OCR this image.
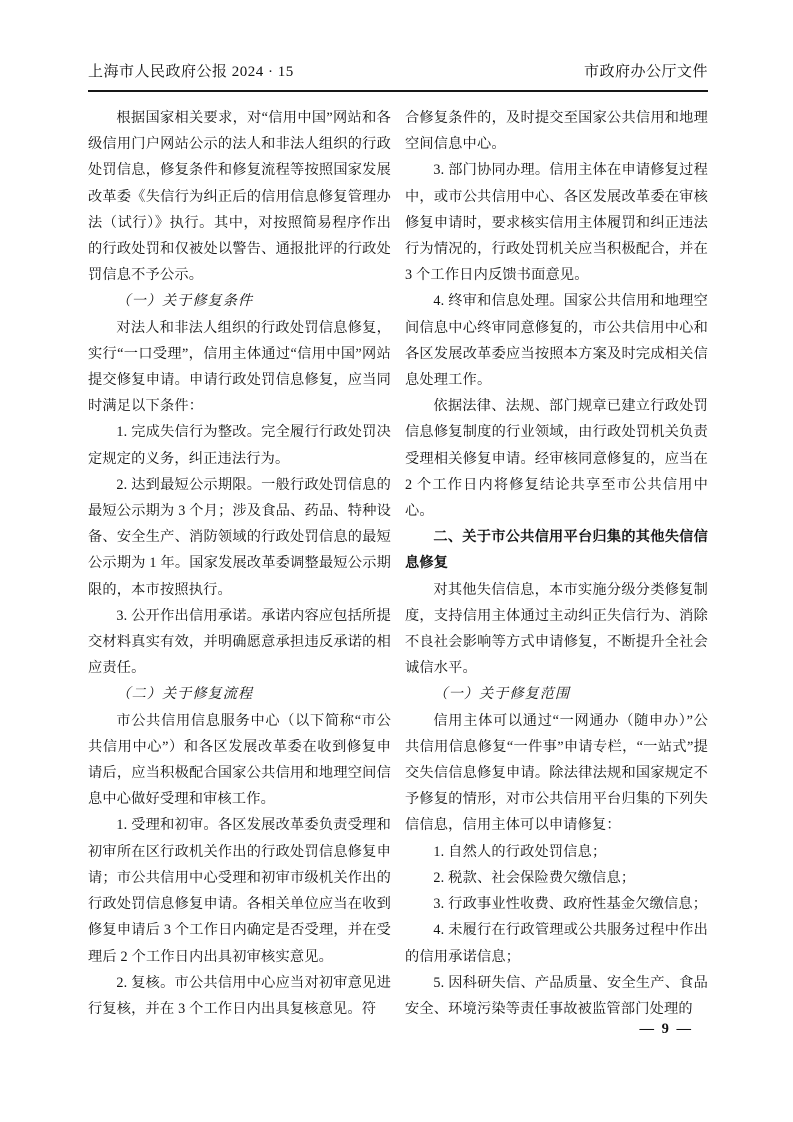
上海市人民政府公报 2024 · 15	市政府办公厅文件

根据国家相关要求，对“信用中国”网站和各级信用门户网站公示的法人和非法人组织的行政处罚信息，修复条件和修复流程等按照国家发展改革委《失信行为纠正后的信用信息修复管理办法（试行）》执行。其中，对按照简易程序作出的行政处罚和仅被处以警告、通报批评的行政处罚信息不予公示。

（一）关于修复条件

对法人和非法人组织的行政处罚信息修复，实行“一口受理”，信用主体通过“信用中国”网站提交修复申请。申请行政处罚信息修复，应当同时满足以下条件：

1. 完成失信行为整改。完全履行行政处罚决定规定的义务，纠正违法行为。

2. 达到最短公示期限。一般行政处罚信息的最短公示期为 3 个月；涉及食品、药品、特种设备、安全生产、消防领域的行政处罚信息的最短公示期为 1 年。国家发展改革委调整最短公示期限的，本市按照执行。

3. 公开作出信用承诺。承诺内容应包括所提交材料真实有效，并明确愿意承担违反承诺的相应责任。

（二）关于修复流程

市公共信用信息服务中心（以下简称“市公共信用中心”）和各区发展改革委在收到修复申请后，应当积极配合国家公共信用和地理空间信息中心做好受理和审核工作。

1. 受理和初审。各区发展改革委负责受理和初审所在区行政机关作出的行政处罚信息修复申请；市公共信用中心受理和初审市级机关作出的行政处罚信息修复申请。各相关单位应当在收到修复申请后 3 个工作日内确定是否受理，并在受理后 2 个工作日内出具初审核实意见。

2. 复核。市公共信用中心应当对初审意见进行复核，并在 3 个工作日内出具复核意见。符

合修复条件的，及时提交至国家公共信用和地理空间信息中心。

3. 部门协同办理。信用主体在申请修复过程中，或市公共信用中心、各区发展改革委在审核修复申请时，要求核实信用主体履罚和纠正违法行为情况的，行政处罚机关应当积极配合，并在 3 个工作日内反馈书面意见。

4. 终审和信息处理。国家公共信用和地理空间信息中心终审同意修复的，市公共信用中心和各区发展改革委应当按照本方案及时完成相关信息处理工作。

依据法律、法规、部门规章已建立行政处罚信息修复制度的行业领域，由行政处罚机关负责受理相关修复申请。经审核同意修复的，应当在 2 个工作日内将修复结论共享至市公共信用中心。

二、关于市公共信用平台归集的其他失信信息修复

对其他失信信息，本市实施分级分类修复制度，支持信用主体通过主动纠正失信行为、消除不良社会影响等方式申请修复，不断提升全社会诚信水平。

（一）关于修复范围

信用主体可以通过“一网通办（随申办）”公共信用信息修复“一件事”申请专栏，“一站式”提交失信信息修复申请。除法律法规和国家规定不予修复的情形，对市公共信用平台归集的下列失信信息，信用主体可以申请修复：

1. 自然人的行政处罚信息；

2. 税款、社会保险费欠缴信息；

3. 行政事业性收费、政府性基金欠缴信息；

4. 未履行在行政管理或公共服务过程中作出的信用承诺信息；

5. 因科研失信、产品质量、安全生产、食品安全、环境污染等责任事故被监管部门处理的

— 9 —
